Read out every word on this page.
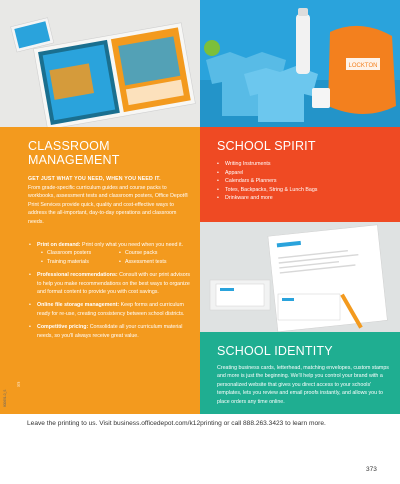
LOCKTON
CLASSROOM
MANAGEMENT
GET JUST WHAT YOU NEED, WHEN YOU NEED IT.

From grade-specific curriculum guides and course packs to workbooks, assessment tests and classroom posters, Office Depot® Print Services provide quick, quality and cost-effective ways to address the all-important, day-to-day operations and classroom needs.

• Print on demand: Print only what you need when you need it.
• Classroom posters	• Course packs
• Training materials	• Assessment tests
• Professional recommendations: Consult with our print advisors to help you make recommendations on the best ways to organize and format content to provide you with cost savings.
• Online file storage management: Keep forms and curriculum ready for re-use, creating consistency between school districts.
• Competitive pricing: Consolidate all your curriculum material needs, so you'll always receive great value.
800651-0_S
373
SCHOOL SPIRIT
• Writing Instruments
• Apparel
• Calendars & Planners
• Totes, Backpacks, String & Lunch Bags
• Drinkware and more
SCHOOL IDENTITY

Creating business cards, letterhead, matching envelopes, custom stamps and more is just the beginning. We'll help you control your brand with a personalized website that gives you direct access to your schools' templates, lets you review and email proofs instantly, and allows you to place orders any time online.

Leave the printing to us. Visit business.officedepot.com/k12printing or call 888.263.3423 to learn more.
373
